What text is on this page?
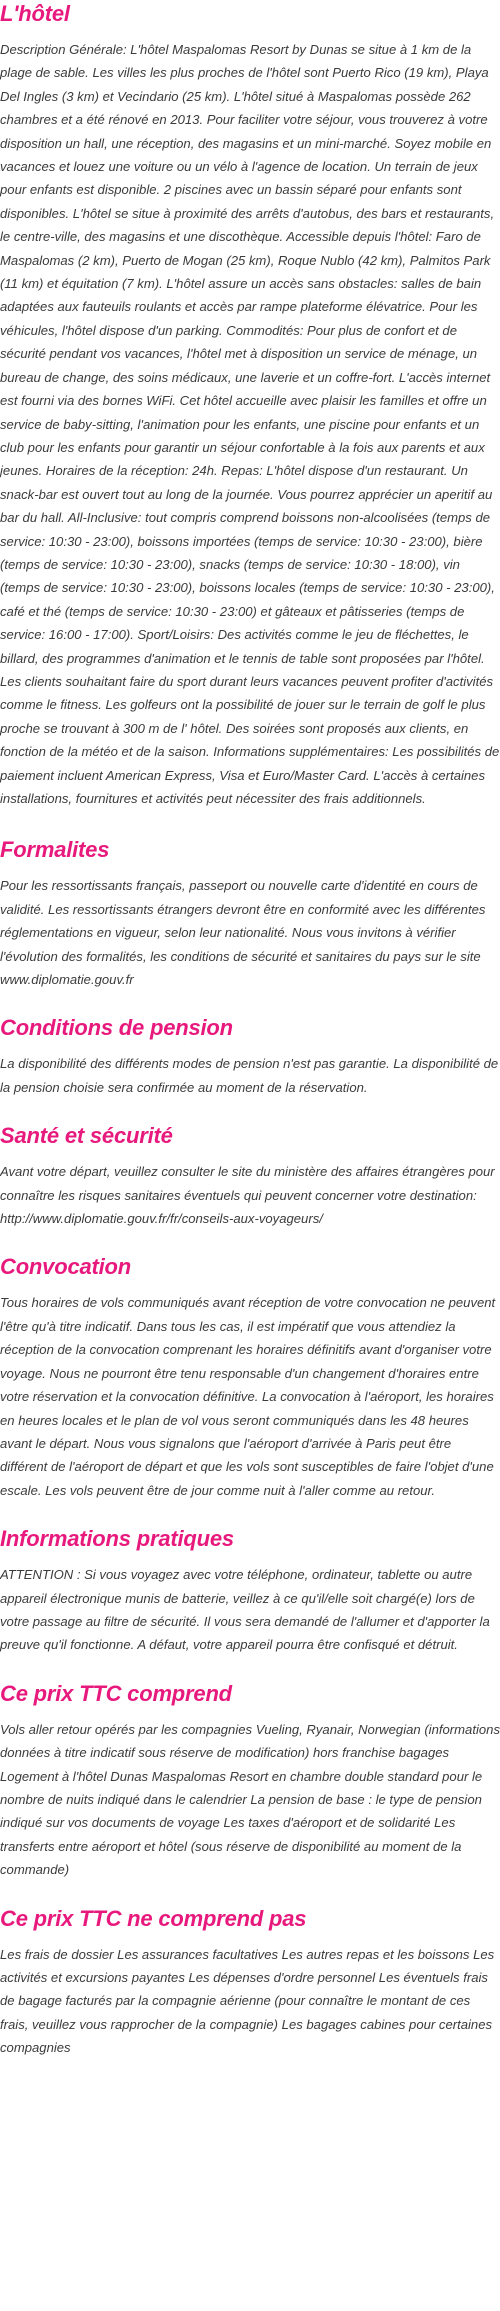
L'hôtel

Description Générale: L'hôtel Maspalomas Resort by Dunas se situe à 1 km de la plage de sable. Les villes les plus proches de l'hôtel sont Puerto Rico (19 km), Playa Del Ingles (3 km) et Vecindario (25 km). L'hôtel situé à Maspalomas possède 262 chambres et a été rénové en 2013. Pour faciliter votre séjour, vous trouverez à votre disposition un hall, une réception, des magasins et un mini-marché. Soyez mobile en vacances et louez une voiture ou un vélo à l'agence de location. Un terrain de jeux pour enfants est disponible. 2 piscines avec un bassin séparé pour enfants sont disponibles. L'hôtel se situe à proximité des arrêts d'autobus, des bars et restaurants, le centre-ville, des magasins et une discothèque. Accessible depuis l'hôtel: Faro de Maspalomas (2 km), Puerto de Mogan (25 km), Roque Nublo (42 km), Palmitos Park (11 km) et équitation (7 km). L'hôtel assure un accès sans obstacles: salles de bain adaptées aux fauteuils roulants et accès par rampe plateforme élévatrice. Pour les véhicules, l'hôtel dispose d'un parking. Commodités: Pour plus de confort et de sécurité pendant vos vacances, l'hôtel met à disposition un service de ménage, un bureau de change, des soins médicaux, une laverie et un coffre-fort. L'accès internet est fourni via des bornes WiFi. Cet hôtel accueille avec plaisir les familles et offre un service de baby-sitting, l'animation pour les enfants, une piscine pour enfants et un club pour les enfants pour garantir un séjour confortable à la fois aux parents et aux jeunes. Horaires de la réception: 24h. Repas: L'hôtel dispose d'un restaurant. Un snack-bar est ouvert tout au long de la journée. Vous pourrez apprécier un aperitif au bar du hall. All-Inclusive: tout compris comprend boissons non-alcoolisées (temps de service: 10:30 - 23:00), boissons importées (temps de service: 10:30 - 23:00), bière (temps de service: 10:30 - 23:00), snacks (temps de service: 10:30 - 18:00), vin (temps de service: 10:30 - 23:00), boissons locales (temps de service: 10:30 - 23:00), café et thé (temps de service: 10:30 - 23:00) et gâteaux et pâtisseries (temps de service: 16:00 - 17:00). Sport/Loisirs: Des activités comme le jeu de fléchettes, le billard, des programmes d'animation et le tennis de table sont proposées par l'hôtel. Les clients souhaitant faire du sport durant leurs vacances peuvent profiter d'activités comme le fitness. Les golfeurs ont la possibilité de jouer sur le terrain de golf le plus proche se trouvant à 300 m de l' hôtel. Des soirées sont proposés aux clients, en fonction de la météo et de la saison. Informations supplémentaires: Les possibilités de paiement incluent American Express, Visa et Euro/Master Card. L'accès à certaines installations, fournitures et activités peut nécessiter des frais additionnels.

Formalites

Pour les ressortissants français, passeport ou nouvelle carte d'identité en cours de validité. Les ressortissants étrangers devront être en conformité avec les différentes réglementations en vigueur, selon leur nationalité. Nous vous invitons à vérifier l'évolution des formalités, les conditions de sécurité et sanitaires du pays sur le site www.diplomatie.gouv.fr

Conditions de pension

La disponibilité des différents modes de pension n'est pas garantie. La disponibilité de la pension choisie sera confirmée au moment de la réservation.

Santé et sécurité

Avant votre départ, veuillez consulter le site du ministère des affaires étrangères pour connaître les risques sanitaires éventuels qui peuvent concerner votre destination: http://www.diplomatie.gouv.fr/fr/conseils-aux-voyageurs/

Convocation

Tous horaires de vols communiqués avant réception de votre convocation ne peuvent l'être qu'à titre indicatif. Dans tous les cas, il est impératif que vous attendiez la réception de la convocation comprenant les horaires définitifs avant d'organiser votre voyage. Nous ne pourront être tenu responsable d'un changement d'horaires entre votre réservation et la convocation définitive. La convocation à l'aéroport, les horaires en heures locales et le plan de vol vous seront communiqués dans les 48 heures avant le départ. Nous vous signalons que l'aéroport d'arrivée à Paris peut être différent de l'aéroport de départ et que les vols sont susceptibles de faire l'objet d'une escale. Les vols peuvent être de jour comme nuit à l'aller comme au retour.

Informations pratiques

ATTENTION : Si vous voyagez avec votre téléphone, ordinateur, tablette ou autre appareil électronique munis de batterie, veillez à ce qu'il/elle soit chargé(e) lors de votre passage au filtre de sécurité. Il vous sera demandé de l'allumer et d'apporter la preuve qu'il fonctionne. A défaut, votre appareil pourra être confisqué et détruit.

Ce prix TTC comprend

Vols aller retour opérés par les compagnies Vueling, Ryanair, Norwegian (informations données à titre indicatif sous réserve de modification) hors franchise bagages Logement à l'hôtel Dunas Maspalomas Resort en chambre double standard pour le nombre de nuits indiqué dans le calendrier La pension de base : le type de pension indiqué sur vos documents de voyage Les taxes d'aéroport et de solidarité Les transferts entre aéroport et hôtel (sous réserve de disponibilité au moment de la commande)

Ce prix TTC ne comprend pas

Les frais de dossier Les assurances facultatives Les autres repas et les boissons Les activités et excursions payantes Les dépenses d'ordre personnel Les éventuels frais de bagage facturés par la compagnie aérienne (pour connaître le montant de ces frais, veuillez vous rapprocher de la compagnie) Les bagages cabines pour certaines compagnies
